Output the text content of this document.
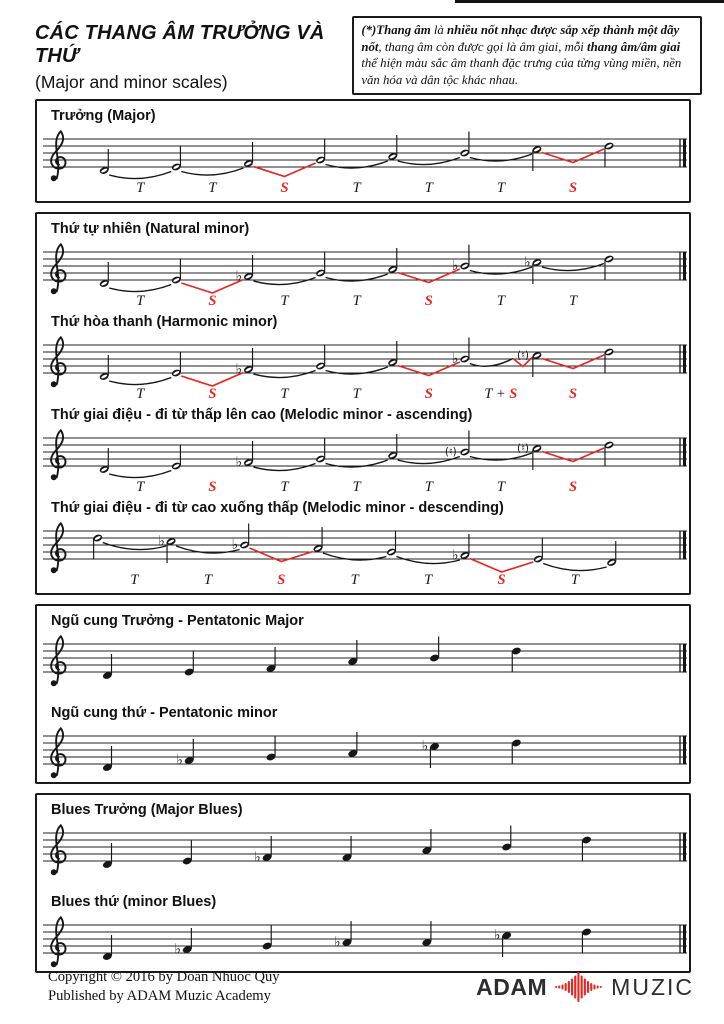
CÁC THANG ÂM TRƯỞNG VÀ THỨ
(Major and minor scales)
(*)Thang âm là nhiều nốt nhạc được sắp xếp thành một dãy nốt, thang âm còn được gọi là âm giai, mỗi thang âm/âm giai thể hiện màu sắc âm thanh đặc trưng của từng vùng miền, nền văn hóa và dân tộc khác nhau.
Trưởng (Major)
T	T	S	T	T	T	S
Thứ tự nhiên (Natural minor)
T	S	T	T	S	T	T
♭
♭	♭
Thứ hòa thanh (Harmonic minor)
T	S	T	T	S	T + S	S
♭
♭	(♮)
Thứ giai điệu - đi từ thấp lên cao (Melodic minor - ascending)
T	S	T	T	T	T	S
♭
(♮)	(♮)
Thứ giai điệu - đi từ cao xuống thấp (Melodic minor - descending)
T	T	S	T	T	S	T
♭	♭
♭
Ngũ cung Trưởng - Pentatonic Major
Ngũ cung thứ - Pentatonic minor
♭
♭
Blues Trưởng (Major Blues)
♭
Blues thứ (minor Blues)
♭	♭	♭
Copyright © 2016 by Doan Nhuoc Quy
Published by ADAM Muzic Academy	ADAM	MUZIC
